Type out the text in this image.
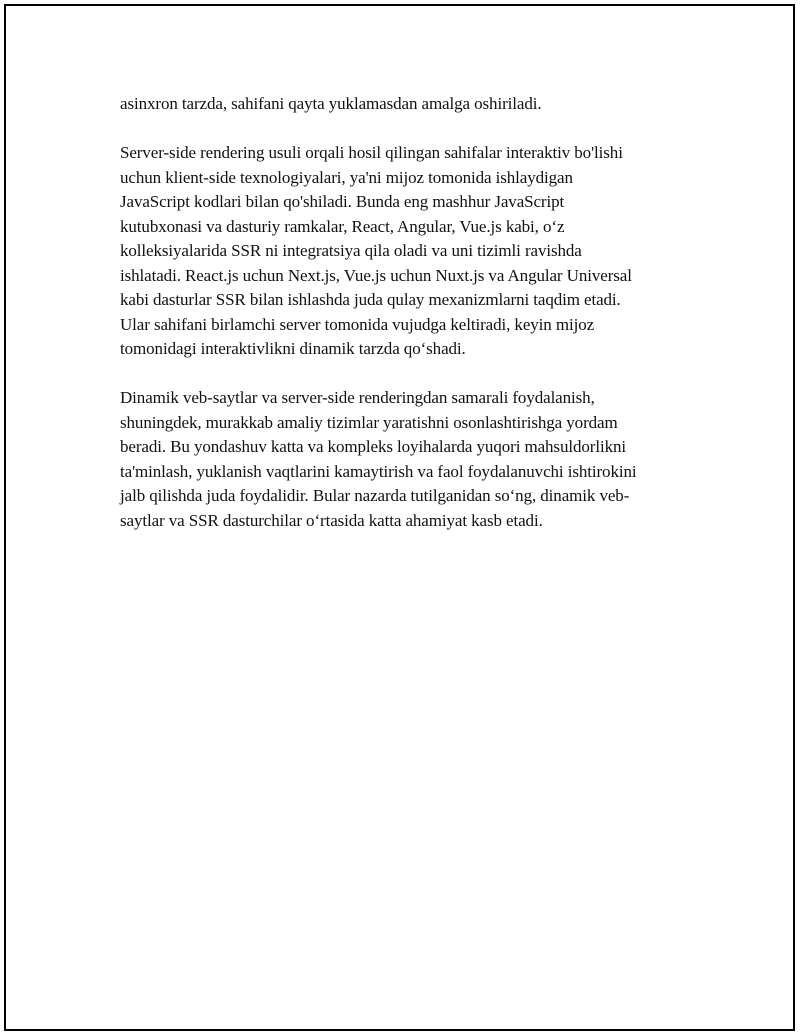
asinxron tarzda, sahifani qayta yuklamasdan amalga oshiriladi.

Server-side rendering usuli orqali hosil qilingan sahifalar interaktiv bo'lishi
uchun klient-side texnologiyalari, ya'ni mijoz tomonida ishlaydigan
JavaScript kodlari bilan qo'shiladi. Bunda eng mashhur JavaScript
kutubxonasi va dasturiy ramkalar, React, Angular, Vue.js kabi, o‘z
kolleksiyalarida SSR ni integratsiya qila oladi va uni tizimli ravishda
ishlatadi. React.js uchun Next.js, Vue.js uchun Nuxt.js va Angular Universal
kabi dasturlar SSR bilan ishlashda juda qulay mexanizmlarni taqdim etadi.
Ular sahifani birlamchi server tomonida vujudga keltiradi, keyin mijoz
tomonidagi interaktivlikni dinamik tarzda qo‘shadi.

Dinamik veb-saytlar va server-side renderingdan samarali foydalanish,
shuningdek, murakkab amaliy tizimlar yaratishni osonlashtirishga yordam
beradi. Bu yondashuv katta va kompleks loyihalarda yuqori mahsuldorlikni
ta'minlash, yuklanish vaqtlarini kamaytirish va faol foydalanuvchi ishtirokini
jalb qilishda juda foydalidir. Bular nazarda tutilganidan so‘ng, dinamik veb-
saytlar va SSR dasturchilar o‘rtasida katta ahamiyat kasb etadi.
